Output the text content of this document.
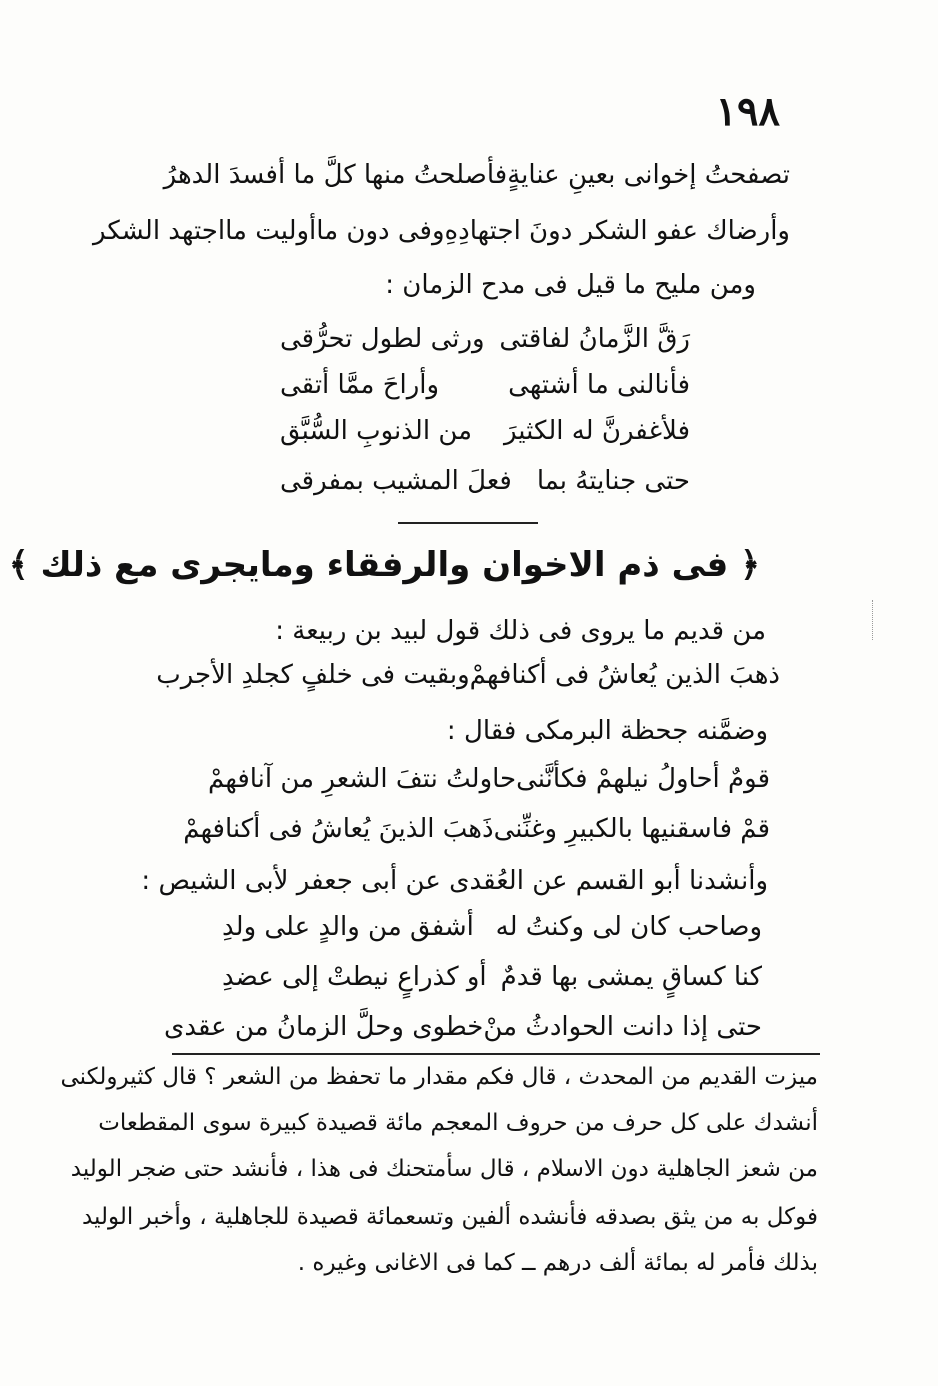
١٩٨
تصفحتُ إخوانى بعينِ عنايةٍ
فأصلحتُ منها كلَّ ما أفسدَ الدهرُ
وأرضاك عفو الشكر دونَ اجتهادِهِ
وفى دون ماأوليت مااجتهد الشكر
ومن مليح ما قيل فى مدح الزمان :
رَقَّ الزَّمانُ لفاقتى
ورثى لطول تحرُّقى
فأنالنى ما أشتهى
وأراحَ ممَّا أتقى
فلأغفرنَّ له الكثيرَ
من الذنوبِ السُّبَّق
حتى جنايتهُ بما
فعلَ المشيب بمفرقى
﴿ فى ذم الاخوان والرفقاء ومايجرى مع ذلك ﴾
من قديم ما يروى فى ذلك قول لبيد بن ربيعة :
ذهبَ الذين يُعاشُ فى أكنافهمْ
وبقيت فى خلفٍ كجلدِ الأجرب
وضمَّنه جحظة البرمكى فقال :
قومٌ أحاولُ نيلهمْ فكأنَّنى
حاولتُ نتفَ الشعرِ من آنافهمْ
قمْ فاسقنيها بالكبيرِ وغنِّنى
ذَهبَ الذينَ يُعاشُ فى أكنافهمْ
وأنشدنا أبو القسم عن العُقدى عن أبى جعفر لأبى الشيص :
وصاحب كان لى وكنتُ له
أشفق من والدٍ على ولدِ
كنا كساقٍ يمشى بها قدمٌ
أو كذراعٍ نيطتْ إلى عضدِ
حتى إذا دانت الحوادثُ منْ
خطوى وحلَّ الزمانُ من عقدى
ميزت القديم من المحدث ، قال فكم مقدار ما تحفظ من الشعر ؟ قال كثيرولكنى
أنشدك على كل حرف من حروف المعجم مائة قصيدة كبيرة سوى المقطعات
من شعز الجاهلية دون الاسلام ، قال سأمتحنك فى هذا ، فأنشد حتى ضجر الوليد
فوكل به من يثق بصدقه فأنشده ألفين وتسعمائة قصيدة للجاهلية ، وأخبر الوليد
بذلك فأمر له بمائة ألف درهم ــ كما فى الاغانى وغيره .
